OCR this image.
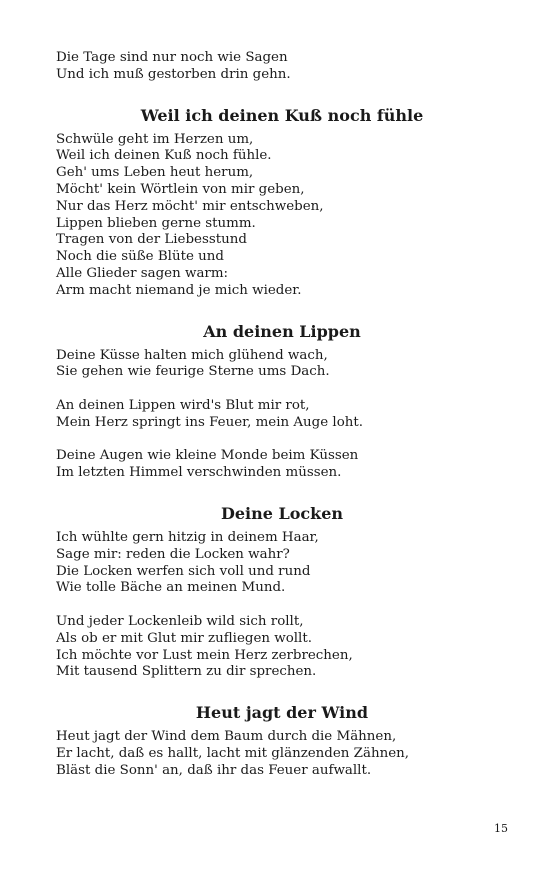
Die Tage sind nur noch wie Sagen
Und ich muß gestorben drin gehn.
Weil ich deinen Kuß noch fühle
Schwüle geht im Herzen um,
Weil ich deinen Kuß noch fühle.
Geh' ums Leben heut herum,
Möcht' kein Wörtlein von mir geben,
Nur das Herz möcht' mir entschweben,
Lippen blieben gerne stumm.
Tragen von der Liebesstund
Noch die süße Blüte und
Alle Glieder sagen warm:
Arm macht niemand je mich wieder.
An deinen Lippen
Deine Küsse halten mich glühend wach,
Sie gehen wie feurige Sterne ums Dach.
An deinen Lippen wird's Blut mir rot,
Mein Herz springt ins Feuer, mein Auge loht.
Deine Augen wie kleine Monde beim Küssen
Im letzten Himmel verschwinden müssen.
Deine Locken
Ich wühlte gern hitzig in deinem Haar,
Sage mir: reden die Locken wahr?
Die Locken werfen sich voll und rund
Wie tolle Bäche an meinen Mund.
Und jeder Lockenleib wild sich rollt,
Als ob er mit Glut mir zufliegen wollt.
Ich möchte vor Lust mein Herz zerbrechen,
Mit tausend Splittern zu dir sprechen.
Heut jagt der Wind
Heut jagt der Wind dem Baum durch die Mähnen,
Er lacht, daß es hallt, lacht mit glänzenden Zähnen,
Bläst die Sonn' an, daß ihr das Feuer aufwallt.
15
